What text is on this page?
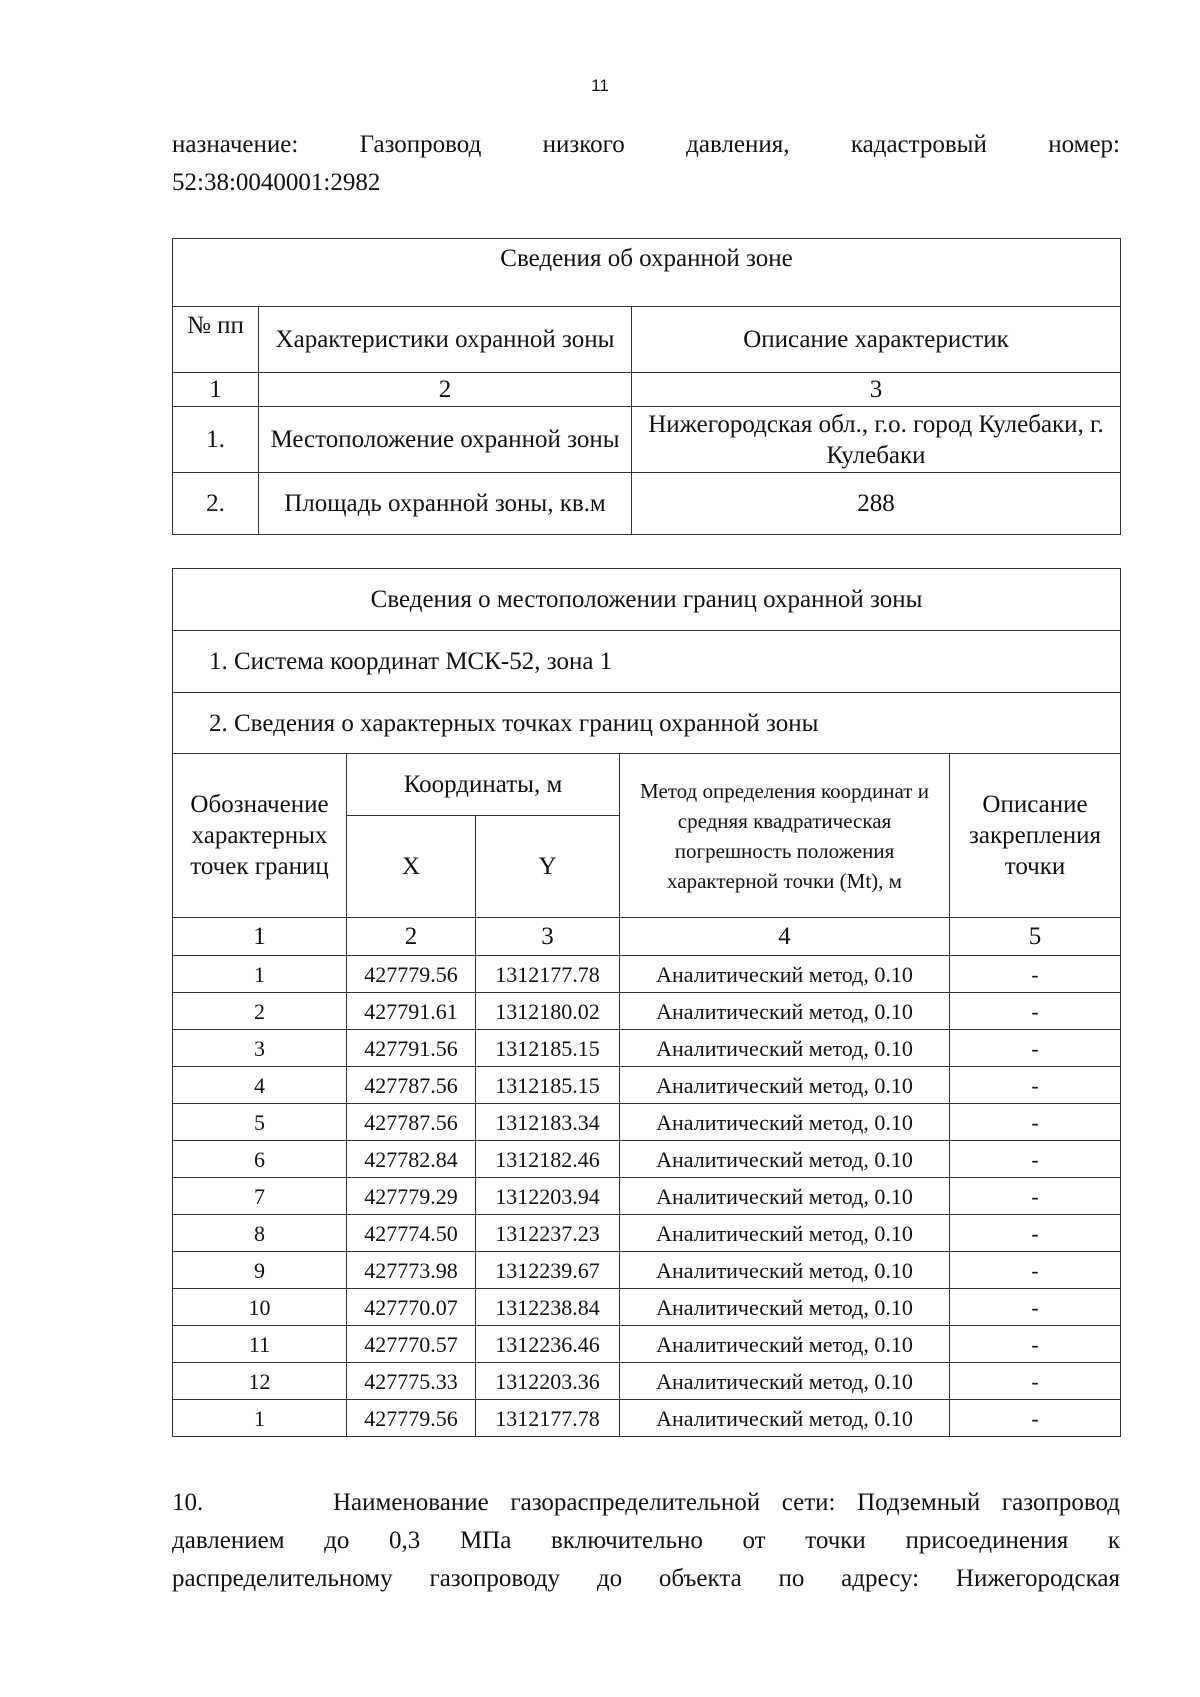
11
назначение: Газопровод низкого давления, кадастровый номер:
52:38:0040001:2982
Сведения об охранной зоне		
№ пп	Характеристики охранной зоны	Описание характеристик
1	2	3
1.	Местоположение охранной зоны	Нижегородская обл., г.о. город Кулебаки, г. Кулебаки
2.	Площадь охранной зоны, кв.м	288
Сведения о местоположении границ охранной зоны				
1. Система координат МСК-52, зона 1				
2. Сведения о характерных точках границ охранной зоны				
Обозначение характерных точек границ	Координаты, м		Метод определения координат и средняя квадратическая погрешность положения характерной точки (Mt), м	Описание закрепления точки
	X	Y		
1	2	3	4	5
1	427779.56	1312177.78	Аналитический метод, 0.10	-
2	427791.61	1312180.02	Аналитический метод, 0.10	-
3	427791.56	1312185.15	Аналитический метод, 0.10	-
4	427787.56	1312185.15	Аналитический метод, 0.10	-
5	427787.56	1312183.34	Аналитический метод, 0.10	-
6	427782.84	1312182.46	Аналитический метод, 0.10	-
7	427779.29	1312203.94	Аналитический метод, 0.10	-
8	427774.50	1312237.23	Аналитический метод, 0.10	-
9	427773.98	1312239.67	Аналитический метод, 0.10	-
10	427770.07	1312238.84	Аналитический метод, 0.10	-
11	427770.57	1312236.46	Аналитический метод, 0.10	-
12	427775.33	1312203.36	Аналитический метод, 0.10	-
1	427779.56	1312177.78	Аналитический метод, 0.10	-
10.      Наименование газораспределительной сети: Подземный газопровод
давлением до 0,3 МПа включительно от точки присоединения к
распределительному газопроводу до объекта по адресу: Нижегородская
